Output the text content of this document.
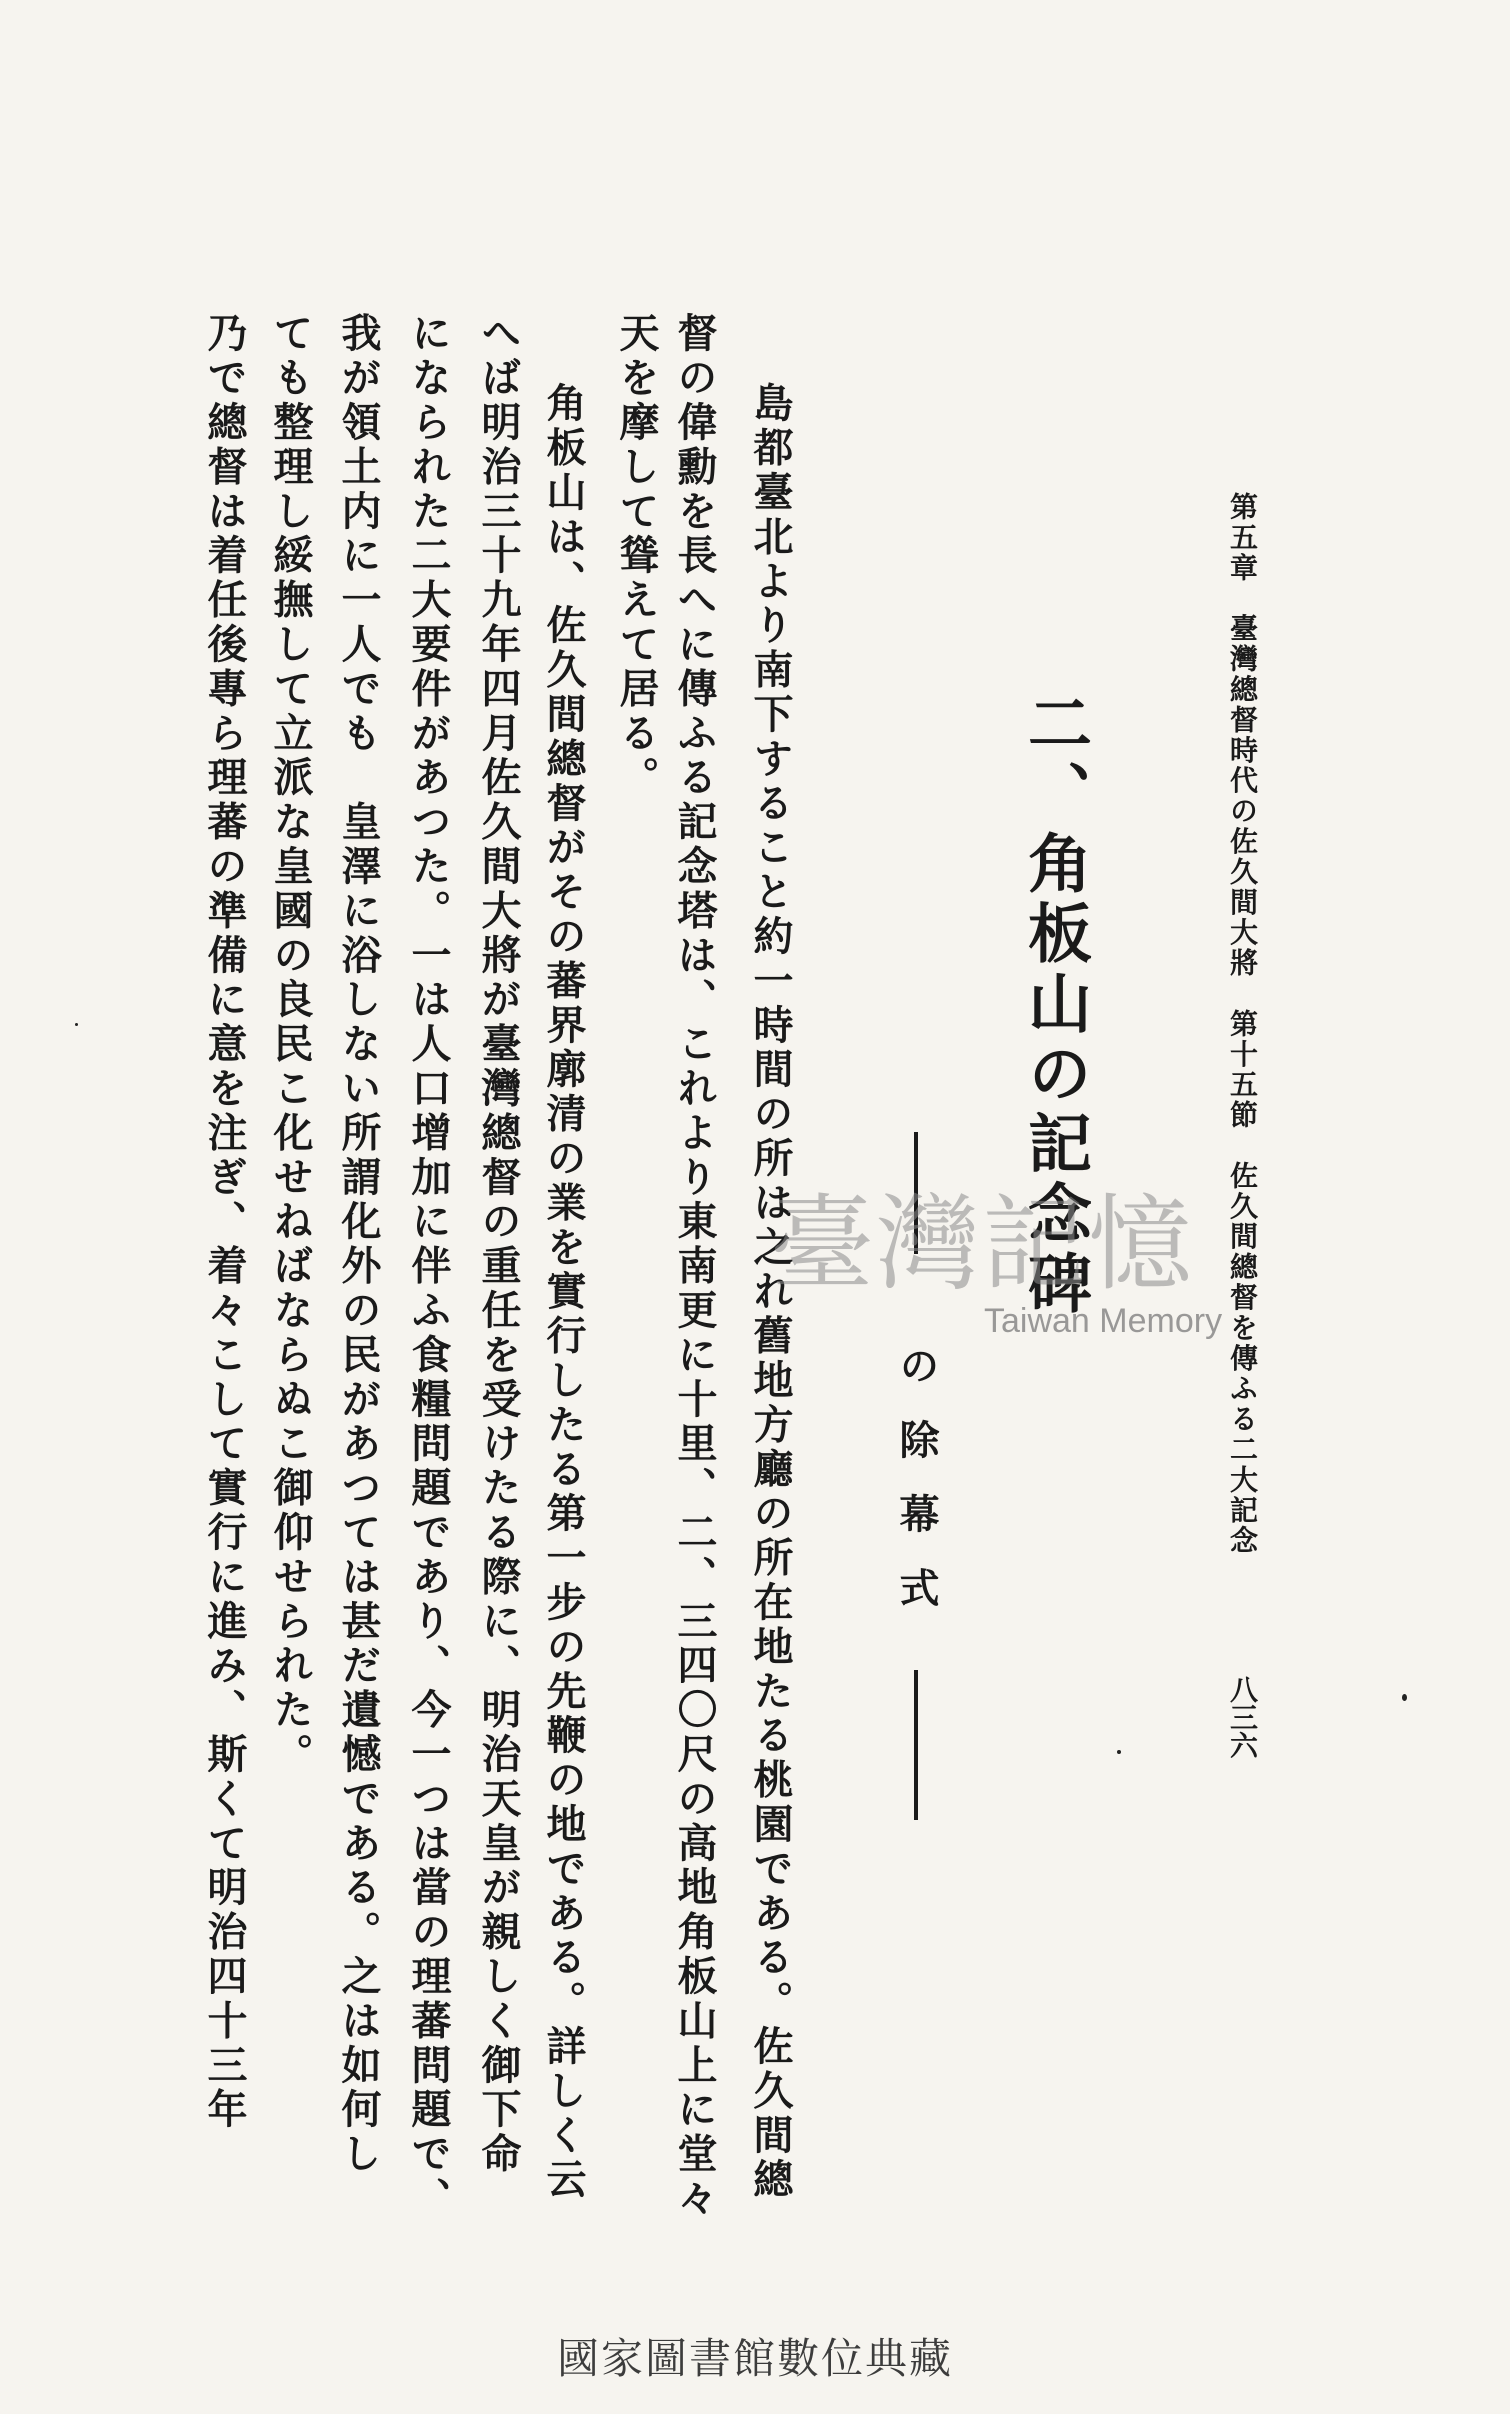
第五章　臺灣總督時代の佐久間大將　第十五節　佐久間總督を傳ふる二大記念
八三六
二、角板山の記念碑
の除幕式
島都臺北より南下すること約一時間の所は之れ舊地方廳の所在地たる桃園である。佐久間總
督の偉勳を長へに傳ふる記念塔は、これより東南更に十里、二、三四〇尺の高地角板山上に堂々
天を摩して聳えて居る。
角板山は、佐久間總督がその蕃界廓清の業を實行したる第一步の先鞭の地である。詳しく云
へば明治三十九年四月佐久間大將が臺灣總督の重任を受けたる際に、明治天皇が親しく御下命
になられた二大要件があつた。一は人口增加に伴ふ食糧問題であり、今一つは當の理蕃問題で、
我が領土内に一人でも　皇澤に浴しない所謂化外の民があつては甚だ遺憾である。之は如何し
ても整理し綏撫して立派な皇國の良民こ化せねばならぬこ御仰せられた。
乃で總督は着任後專ら理蕃の準備に意を注ぎ、着々こして實行に進み、斯くて明治四十三年	臺灣記憶
Taiwan Memory
國家圖書館數位典藏
